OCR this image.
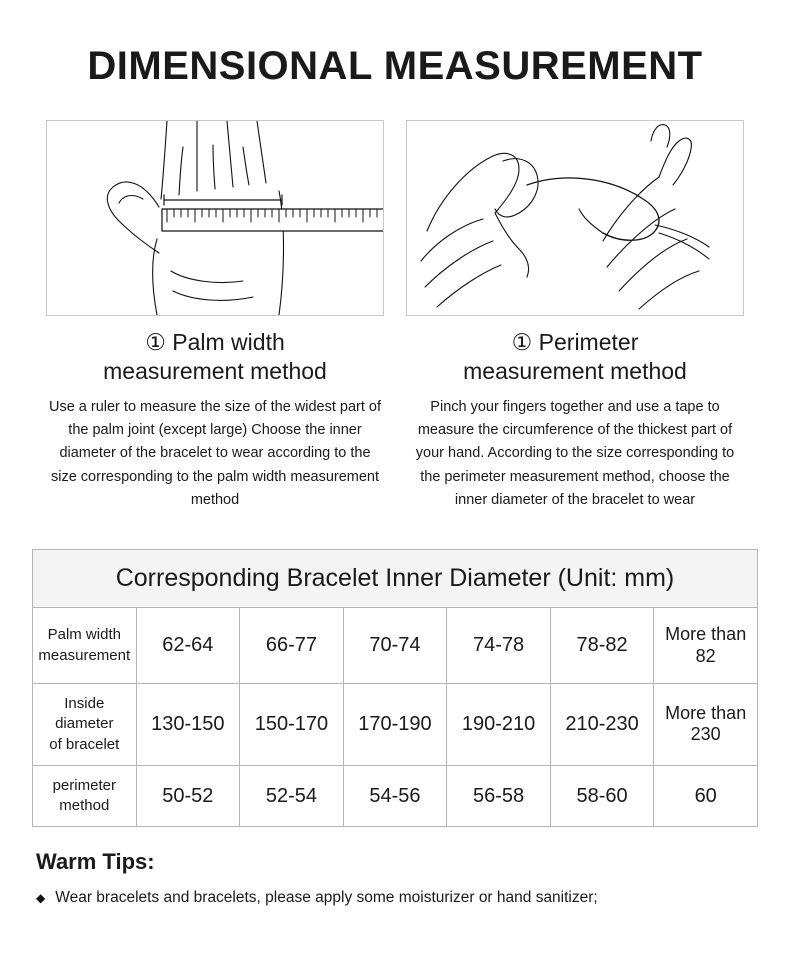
DIMENSIONAL MEASUREMENT
① Palm width
measurement method
Use a ruler to measure the size of the widest part of the palm joint (except large) Choose the inner diameter of the bracelet to wear according to the size corresponding to the palm width measurement method
① Perimeter
measurement method
Pinch your fingers together and use a tape to measure the circumference of the thickest part of your hand. According to the size corresponding to the perimeter measurement method, choose the inner diameter of the bracelet to wear
Corresponding Bracelet Inner Diameter (Unit: mm)						
Palm width
measurement	62-64	66-77	70-74	74-78	78-82	More than 82
Inside diameter
of bracelet	130-150	150-170	170-190	190-210	210-230	More than 230
perimeter
method	50-52	52-54	54-56	56-58	58-60	60
Warm Tips:
◆ Wear bracelets and bracelets, please apply some moisturizer or hand sanitizer;
